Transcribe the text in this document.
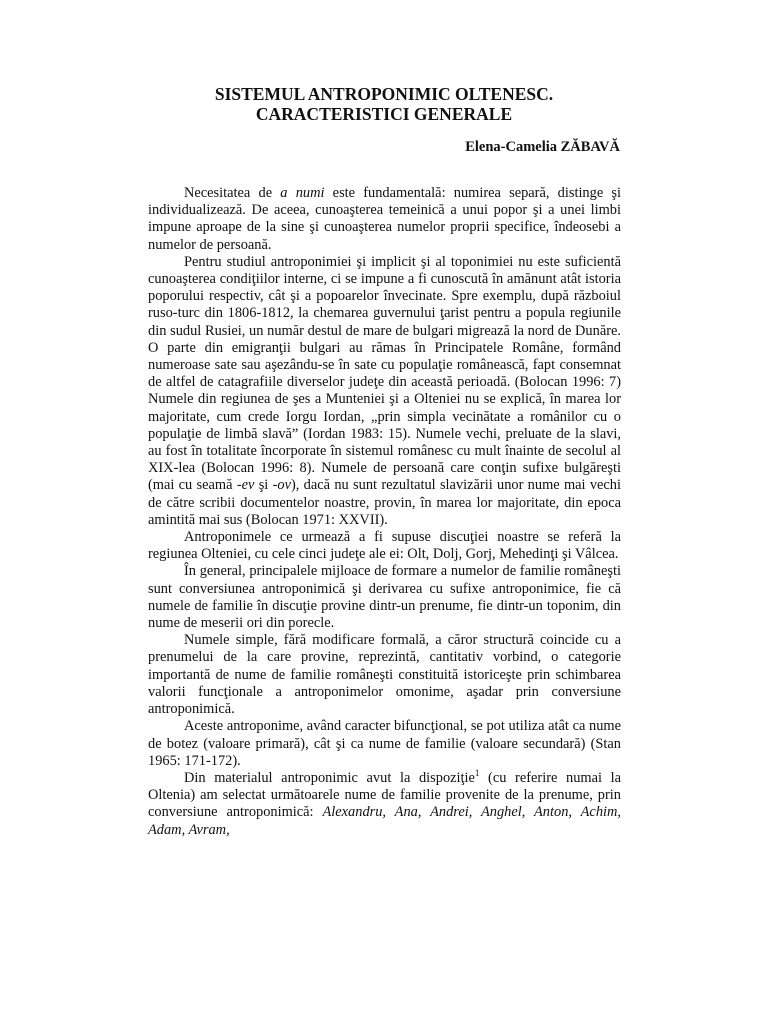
SISTEMUL ANTROPONIMIC OLTENESC.
CARACTERISTICI GENERALE

Elena-Camelia ZĂBAVĂ

Necesitatea de a numi este fundamentală: numirea separă, distinge şi individualizează. De aceea, cunoaşterea temeinică a unui popor şi a unei limbi impune aproape de la sine şi cunoaşterea numelor proprii specifice, îndeosebi a numelor de persoană.

Pentru studiul antroponimiei şi implicit şi al toponimiei nu este suficientă cunoaşterea condiţiilor interne, ci se impune a fi cunoscută în amănunt atât istoria poporului respectiv, cât şi a popoarelor învecinate. Spre exemplu, după războiul ruso-turc din 1806-1812, la chemarea guvernului ţarist pentru a popula regiunile din sudul Rusiei, un număr destul de mare de bulgari migrează la nord de Dunăre. O parte din emigranţii bulgari au rămas în Principatele Române, formând numeroase sate sau aşezându-se în sate cu populaţie românească, fapt consemnat de altfel de catagrafiile diverselor judeţe din această perioadă. (Bolocan 1996: 7) Numele din regiunea de şes a Munteniei şi a Olteniei nu se explică, în marea lor majoritate, cum crede Iorgu Iordan, „prin simpla vecinătate a românilor cu o populaţie de limbă slavă” (Iordan 1983: 15). Numele vechi, preluate de la slavi, au fost în totalitate încorporate în sistemul românesc cu mult înainte de secolul al XIX-lea (Bolocan 1996: 8). Numele de persoană care conţin sufixe bulgăreşti (mai cu seamă -ev şi -ov), dacă nu sunt rezultatul slavizării unor nume mai vechi de către scribii documentelor noastre, provin, în marea lor majoritate, din epoca amintită mai sus (Bolocan 1971: XXVII).

Antroponimele ce urmează a fi supuse discuţiei noastre se referă la regiunea Olteniei, cu cele cinci judeţe ale ei: Olt, Dolj, Gorj, Mehedinţi şi Vâlcea.

În general, principalele mijloace de formare a numelor de familie româneşti sunt conversiunea antroponimică şi derivarea cu sufixe antroponimice, fie că numele de familie în discuţie provine dintr-un prenume, fie dintr-un toponim, din nume de meserii ori din porecle.

Numele simple, fără modificare formală, a căror structură coincide cu a prenumelui de la care provine, reprezintă, cantitativ vorbind, o categorie importantă de nume de familie româneşti constituită istoriceşte prin schimbarea valorii funcţionale a antroponimelor omonime, aşadar prin conversiune antroponimică.

Aceste antroponime, având caracter bifuncţional, se pot utiliza atât ca nume de botez (valoare primară), cât şi ca nume de familie (valoare secundară) (Stan 1965: 171-172).

Din materialul antroponimic avut la dispoziţie$^1$ (cu referire numai la Oltenia) am selectat următoarele nume de familie provenite de la prenume, prin conversiune antroponimică: Alexandru, Ana, Andrei, Anghel, Anton, Achim, Adam, Avram,
